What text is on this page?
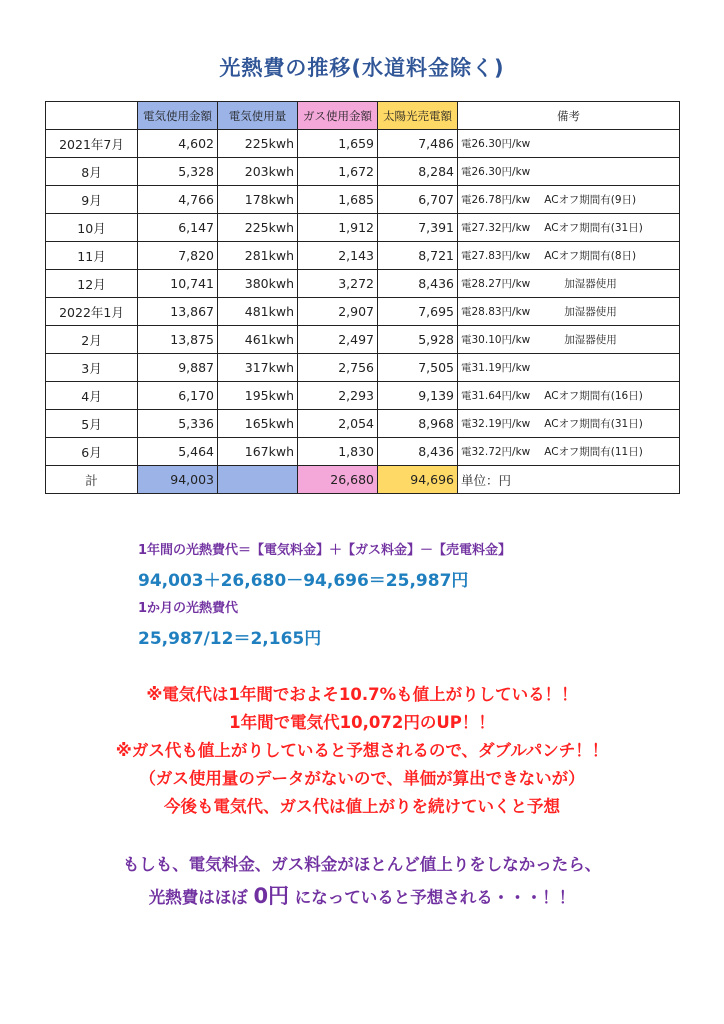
光熱費の推移(水道料金除く)
	電気使用金額	電気使用量	ガス使用金額	太陽光売電額	備考
2021年7月	4,602	225kwh	1,659	7,486	電26.30円/kw
8月	5,328	203kwh	1,672	8,284	電26.30円/kw
9月	4,766	178kwh	1,685	6,707	電26.78円/kw ACオフ期間有(9日)
10月	6,147	225kwh	1,912	7,391	電27.32円/kw ACオフ期間有(31日)
11月	7,820	281kwh	2,143	8,721	電27.83円/kw ACオフ期間有(8日)
12月	10,741	380kwh	3,272	8,436	電28.27円/kw 加湿器使用
2022年1月	13,867	481kwh	2,907	7,695	電28.83円/kw 加湿器使用
2月	13,875	461kwh	2,497	5,928	電30.10円/kw 加湿器使用
3月	9,887	317kwh	2,756	7,505	電31.19円/kw
4月	6,170	195kwh	2,293	9,139	電31.64円/kw ACオフ期間有(16日)
5月	5,336	165kwh	2,054	8,968	電32.19円/kw ACオフ期間有(31日)
6月	5,464	167kwh	1,830	8,436	電32.72円/kw ACオフ期間有(11日)
計	94,003		26,680	94,696	単位：円
1年間の光熱費代＝【電気料金】＋【ガス料金】－【売電料金】
94,003＋26,680－94,696＝25,987円
1か月の光熱費代
25,987/12＝2,165円
※電気代は1年間でおよそ10.7%も値上がりしている！！
1年間で電気代10,072円のUP！！
※ガス代も値上がりしていると予想されるので、ダブルパンチ！！
（ガス使用量のデータがないので、単価が算出できないが）
今後も電気代、ガス代は値上がりを続けていくと予想
もしも、電気料金、ガス料金がほとんど値上りをしなかったら、
光熱費はほぼ 0円 になっていると予想される・・・！！
